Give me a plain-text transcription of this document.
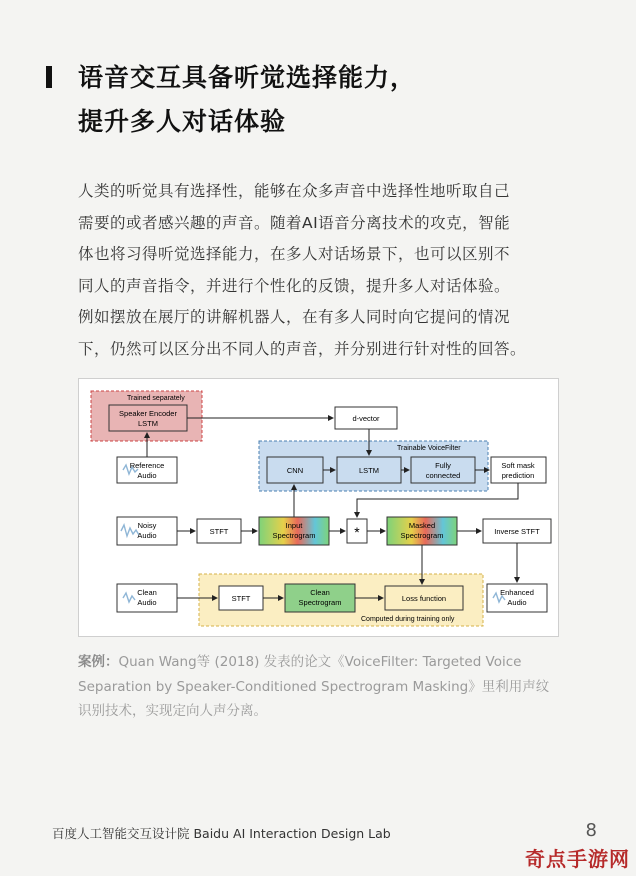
语音交互具备听觉选择能力，
提升多人对话体验
人类的听觉具有选择性，能够在众多声音中选择性地听取自己
需要的或者感兴趣的声音。随着AI语音分离技术的攻克，智能
体也将习得听觉选择能力，在多人对话场景下，也可以区别不
同人的声音指令，并进行个性化的反馈，提升多人对话体验。
例如摆放在展厅的讲解机器人，在有多人同时向它提问的情况
下，仍然可以区分出不同人的声音，并分别进行针对性的回答。
Trained separately
Trainable VoiceFilter
Computed during training only
Speaker Encoder
LSTM
d-vector
Reference
Audio
CNN	LSTM
Fully
connected
Soft mask
prediction
Noisy
Audio	STFT
Input
Spectrogram	*	Masked
Spectrogram	Inverse STFT
Clean
Audio	STFT
Clean
Spectrogram	Loss function
Enhanced
Audio
案例：Quan Wang等 (2018) 发表的论文《VoiceFilter: Targeted Voice
Separation by Speaker-Conditioned Spectrogram Masking》里利用声纹
识别技术，实现定向人声分离。
百度人工智能交互设计院 Baidu AI Interaction Design Lab	8
奇点手游网
